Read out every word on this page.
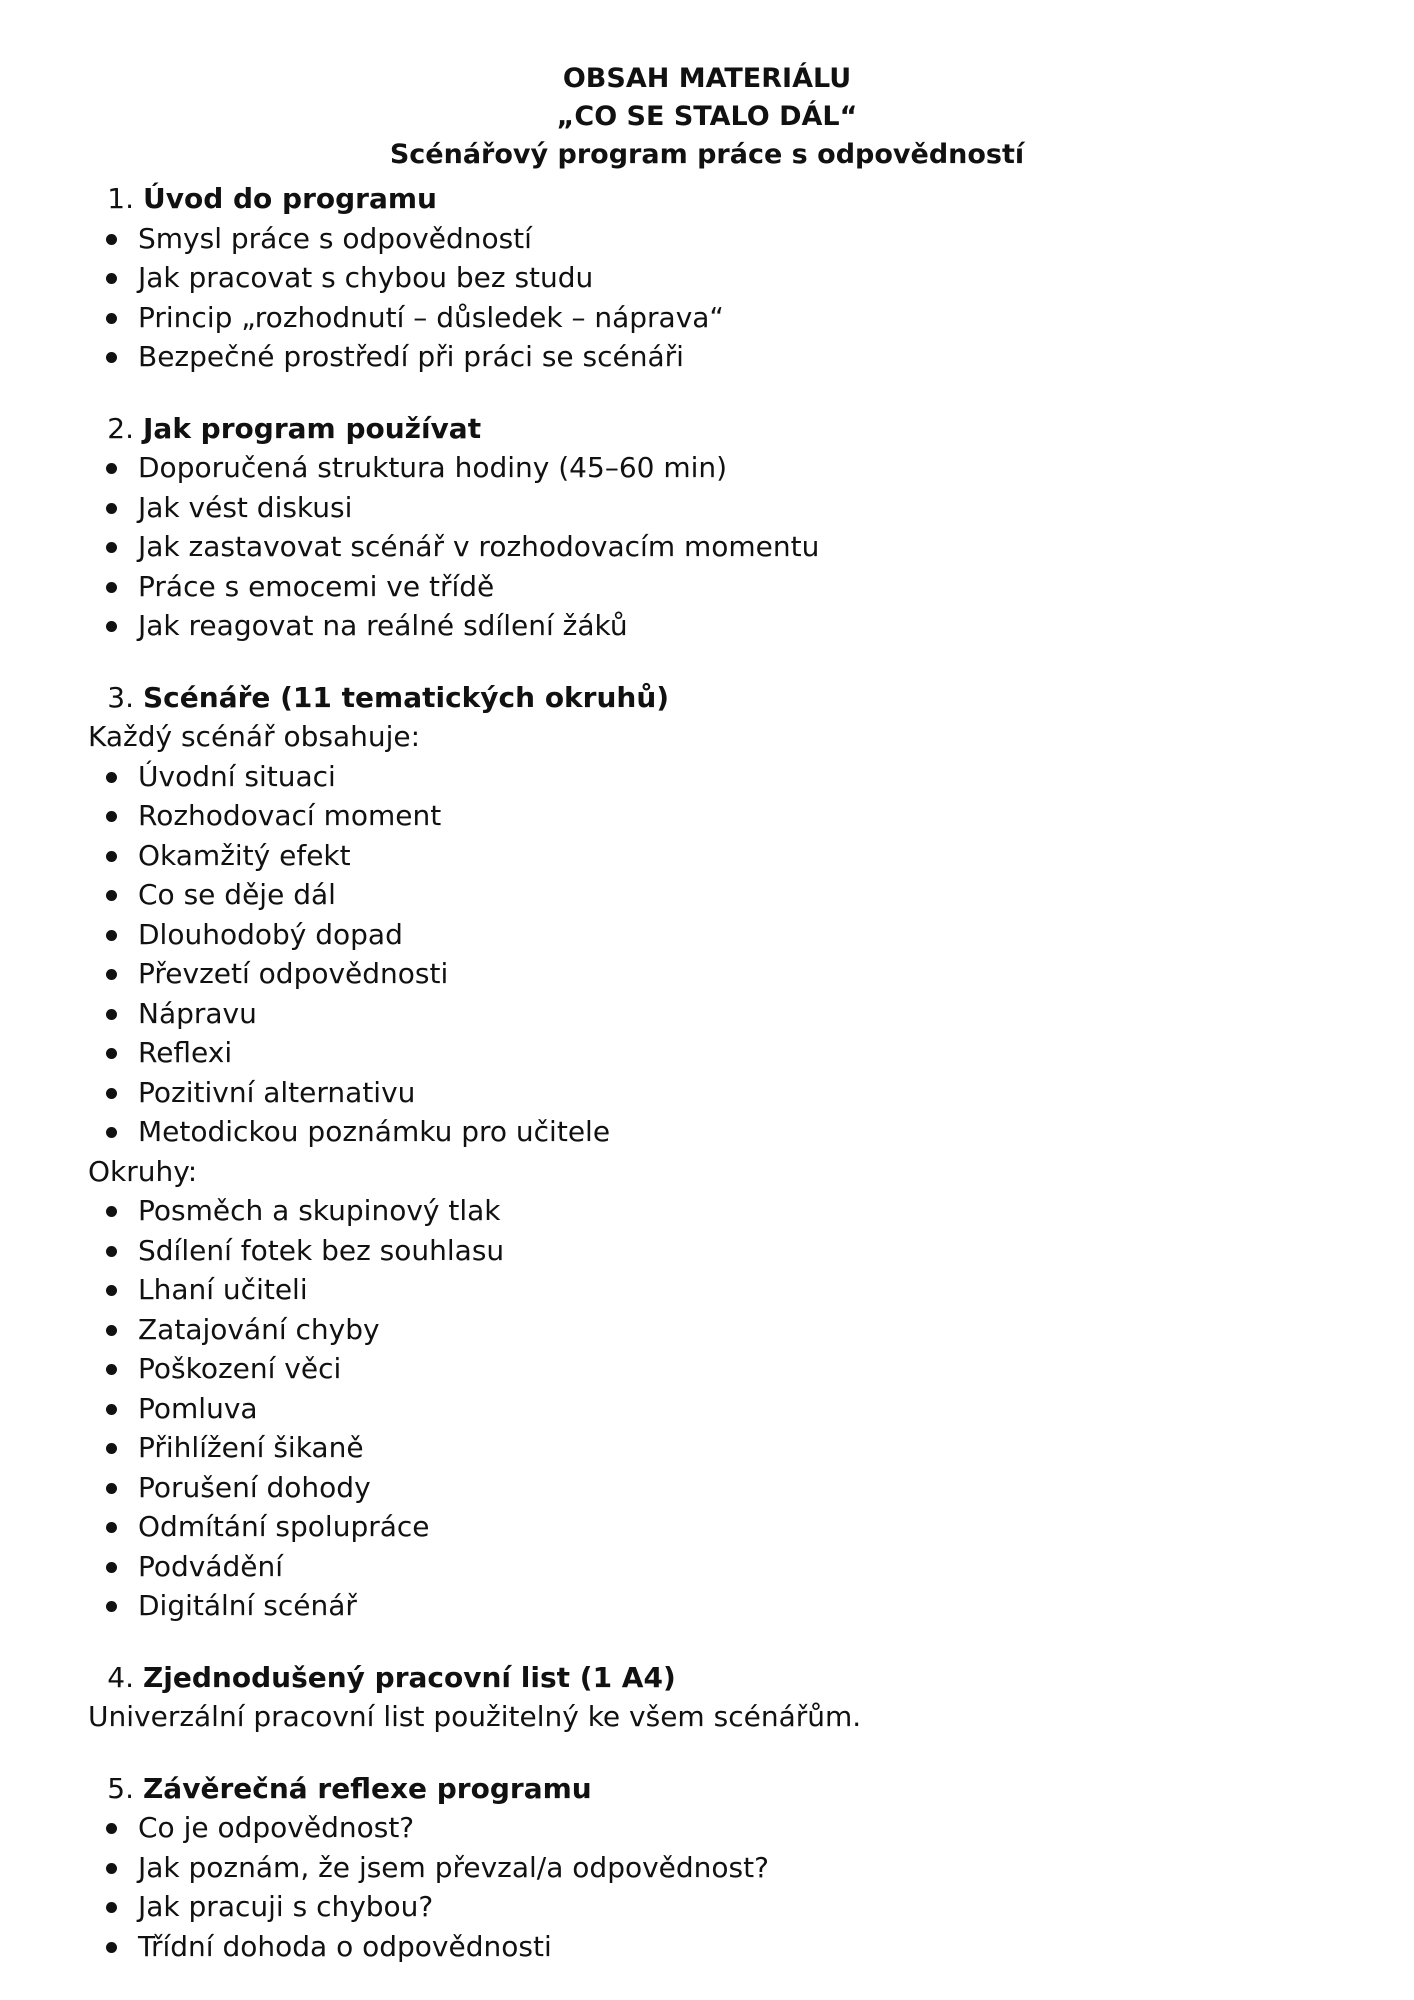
OBSAH MATERIÁLU
„CO SE STALO DÁL“
Scénářový program práce s odpovědností
1. Úvod do programu
Smysl práce s odpovědností
Jak pracovat s chybou bez studu
Princip „rozhodnutí – důsledek – náprava“
Bezpečné prostředí při práci se scénáři
2. Jak program používat
Doporučená struktura hodiny (45–60 min)
Jak vést diskusi
Jak zastavovat scénář v rozhodovacím momentu
Práce s emocemi ve třídě
Jak reagovat na reálné sdílení žáků
3. Scénáře (11 tematických okruhů)
Každý scénář obsahuje:
Úvodní situaci
Rozhodovací moment
Okamžitý efekt
Co se děje dál
Dlouhodobý dopad
Převzetí odpovědnosti
Nápravu
Reflexi
Pozitivní alternativu
Metodickou poznámku pro učitele
Okruhy:
Posměch a skupinový tlak
Sdílení fotek bez souhlasu
Lhaní učiteli
Zatajování chyby
Poškození věci
Pomluva
Přihlížení šikaně
Porušení dohody
Odmítání spolupráce
Podvádění
Digitální scénář
4. Zjednodušený pracovní list (1 A4)
Univerzální pracovní list použitelný ke všem scénářům.
5. Závěrečná reflexe programu
Co je odpovědnost?
Jak poznám, že jsem převzal/a odpovědnost?
Jak pracuji s chybou?
Třídní dohoda o odpovědnosti
